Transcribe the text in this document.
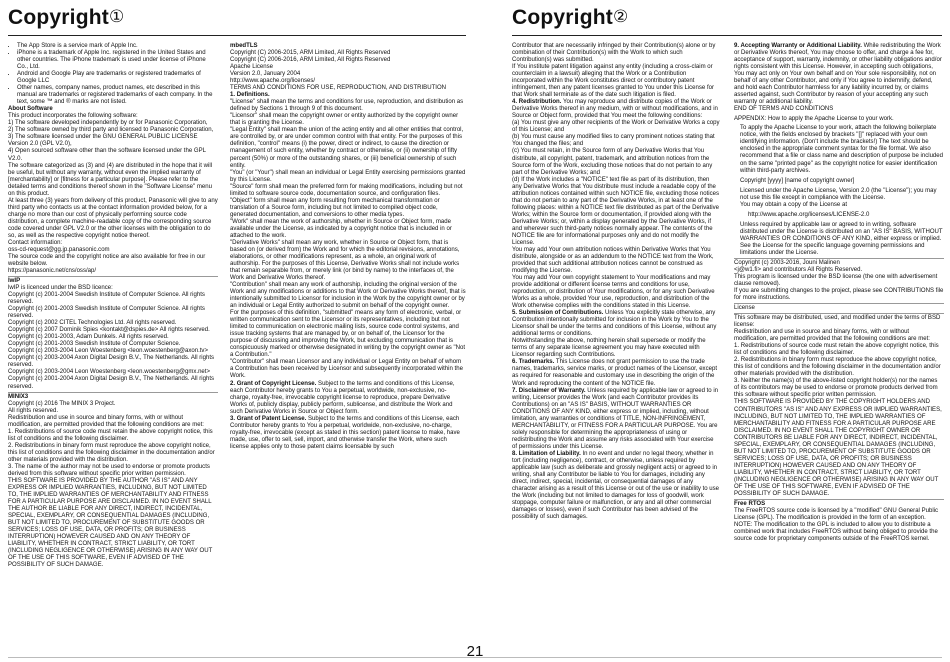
Copyright①
• The App Store is a service mark of Apple Inc.
• iPhone is a trademark of Apple Inc. registered in the United States and other countries. The iPhone trademark is used under license of iPhone Co., Ltd.
• Android and Google Play are trademarks or registered trademarks of Google LLC
• Other names, company names, product names, etc described in this manual are trademarks or registered trademarks of each company. In the text, some ™ and ® marks are not listed.

About Software

This product incorporates the following software:
1) The software developed independently by or for Panasonic Corporation,
2) The software owned by third party and licensed to Panasonic Corporation,
3) The software licensed under the GNU GENERAL PUBLIC LICENSE Version 2.0 (GPL V2.0),
4) Open sourced software other than the software licensed under the GPL V2.0.
The software categorized as (3) and (4) are distributed in the hope that it will be useful, but without any warranty, without even the implied warranty of [merchantability] or [fitness for a particular purpose]. Please refer to the detailed terms and conditions thereof shown in the "Software License" menu on this product.
At least three (3) years from delivery of this product, Panasonic will give to any third party who contacts us at the contact information provided below, for a charge no more than our cost of physically performing source code distribution, a complete machine-readable copy of the corresponding source code covered under GPL V2.0 or the other licenses with the obligation to do so, as well as the respective copyright notice thereof.
Contact information:
oss-cd-request@gg.jp.panasonic.com
The source code and the copyright notice are also available for free in our website below.
https://panasonic.net/cns/oss/ap/

lwIP

lwIP is licenced under the BSD licence:
Copyright (c) 2001-2004 Swedish Institute of Computer Science. All rights reserved.
Copyright (c) 2001-2003 Swedish Institute of Computer Science. All rights reserved.
Copyright (c) 2002 CITEL Technologies Ltd. All rights reserved.
Copyright (c) 2007 Dominik Spies <kontakt@dspies.de> All rights reserved.
Copyright (c) 2001-2003, Adam Dunkels. All rights reserved.
Copyright (c) 2001-2003 Swedish Institute of Computer Science.
Copyright (c) 2003-2004 Leon Woestenberg <leon.woestenberg@axon.tv>
Copyright (c) 2003-2004 Axon Digital Design B.V., The Netherlands. All rights reserved.
Copyright (c) 2003-2004 Leon Woestenberg <leon.woestenberg@gmx.net>
Copyright (c) 2001-2004 Axon Digital Design B.V., The Netherlands. All rights reserved.

MINIX3

Copyright (c) 2016 The MINIX 3 Project.
All rights reserved.
Redistribution and use in source and binary forms, with or without modification, are permitted provided that the following conditions are met:
1. Redistributions of source code must retain the above copyright notice, this list of conditions and the following disclaimer.
2. Redistributions in binary form must reproduce the above copyright notice, this list of conditions and the following disclaimer in the documentation and/or other materials provided with the distribution.
3. The name of the author may not be used to endorse or promote products derived from this software without specific prior written permission.
THIS SOFTWARE IS PROVIDED BY THE AUTHOR "AS IS" AND ANY EXPRESS OR IMPLIED WARRANTIES, INCLUDING, BUT NOT LIMITED TO, THE IMPLIED WARRANTIES OF MERCHANTABILITY AND FITNESS FOR A PARTICULAR PURPOSE ARE DISCLAIMED. IN NO EVENT SHALL THE AUTHOR BE LIABLE FOR ANY DIRECT, INDIRECT, INCIDENTAL, SPECIAL, EXEMPLARY, OR CONSEQUENTIAL DAMAGES (INCLUDING, BUT NOT LIMITED TO, PROCUREMENT OF SUBSTITUTE GOODS OR SERVICES; LOSS OF USE, DATA, OR PROFITS; OR BUSINESS INTERRUPTION) HOWEVER CAUSED AND ON ANY THEORY OF LIABILITY, WHETHER IN CONTRACT, STRICT LIABILITY, OR TORT (INCLUDING NEGLIGENCE OR OTHERWISE) ARISING IN ANY WAY OUT OF THE USE OF THIS SOFTWARE, EVEN IF ADVISED OF THE POSSIBILITY OF SUCH DAMAGE.

mbedTLS

Copyright (C) 2006-2015, ARM Limited, All Rights Reserved
Copyright (C) 2006-2016, ARM Limited, All Rights Reserved
Apache License
Version 2.0, January 2004
http://www.apache.org/licenses/
TERMS AND CONDITIONS FOR USE, REPRODUCTION, AND DISTRIBUTION

1. Definitions.

"License" shall mean the terms and conditions for use, reproduction, and distribution as defined by Sections 1 through 9 of this document.
"Licensor" shall mean the copyright owner or entity authorized by the copyright owner that is granting the License.
"Legal Entity" shall mean the union of the acting entity and all other entities that control, are controlled by, or are under common control with that entity. For the purposes of this definition, "control" means (i) the power, direct or indirect, to cause the direction or management of such entity, whether by contract or otherwise, or (ii) ownership of fifty percent (50%) or more of the outstanding shares, or (iii) beneficial ownership of such entity.
"You" (or "Your") shall mean an individual or Legal Entity exercising permissions granted by this License.
"Source" form shall mean the preferred form for making modifications, including but not limited to software source code, documentation source, and configuration files.
"Object" form shall mean any form resulting from mechanical transformation or translation of a Source form, including but not limited to compiled object code, generated documentation, and conversions to other media types.
"Work" shall mean the work of authorship, whether in Source or Object form, made available under the License, as indicated by a copyright notice that is included in or attached to the work.
"Derivative Works" shall mean any work, whether in Source or Object form, that is based on (or derived from) the Work and for which the editorial revisions, annotations, elaborations, or other modifications represent, as a whole, an original work of authorship. For the purposes of this License, Derivative Works shall not include works that remain separable from, or merely link (or bind by name) to the interfaces of, the Work and Derivative Works thereof.
"Contribution" shall mean any work of authorship, including the original version of the Work and any modifications or additions to that Work or Derivative Works thereof, that is intentionally submitted to Licensor for inclusion in the Work by the copyright owner or by an individual or Legal Entity authorized to submit on behalf of the copyright owner.
For the purposes of this definition, "submitted" means any form of electronic, verbal, or written communication sent to the Licensor or its representatives, including but not limited to communication on electronic mailing lists, source code control systems, and issue tracking systems that are managed by, or on behalf of, the Licensor for the purpose of discussing and improving the Work, but excluding communication that is conspicuously marked or otherwise designated in writing by the copyright owner as "Not a Contribution."
"Contributor" shall mean Licensor and any individual or Legal Entity on behalf of whom a Contribution has been received by Licensor and subsequently incorporated within the Work.

2. Grant of Copyright License. Subject to the terms and conditions of this License, each Contributor hereby grants to You a perpetual, worldwide, non-exclusive, no-charge, royalty-free, irrevocable copyright license to reproduce, prepare Derivative Works of, publicly display, publicly perform, sublicense, and distribute the Work and such Derivative Works in Source or Object form.

3. Grant of Patent License. Subject to the terms and conditions of this License, each Contributor hereby grants to You a perpetual, worldwide, non-exclusive, no-charge, royalty-free, irrevocable (except as stated in this section) patent license to make, have made, use, offer to sell, sell, import, and otherwise transfer the Work, where such license applies only to those patent claims licensable by such

Copyright②

Contributor that are necessarily infringed by their Contribution(s) alone or by combination of their Contribution(s) with the Work to which such Contribution(s) was submitted.
If You institute patent litigation against any entity (including a cross-claim or counterclaim in a lawsuit) alleging that the Work or a Contribution incorporated within the Work constitutes direct or contributory patent infringement, then any patent licenses granted to You under this License for that Work shall terminate as of the date such litigation is filed.

4. Redistribution. You may reproduce and distribute copies of the Work or Derivative Works thereof in any medium, with or without modifications, and in Source or Object form, provided that You meet the following conditions:
(a) You must give any other recipients of the Work or Derivative Works a copy of this License; and
(b) You must cause any modified files to carry prominent notices stating that You changed the files; and
(c) You must retain, in the Source form of any Derivative Works that You distribute, all copyright, patent, trademark, and attribution notices from the Source form of the Work, excluding those notices that do not pertain to any part of the Derivative Works; and
(d) If the Work includes a "NOTICE" text file as part of its distribution, then any Derivative Works that You distribute must include a readable copy of the attribution notices contained within such NOTICE file, excluding those notices that do not pertain to any part of the Derivative Works, in at least one of the following places: within a NOTICE text file distributed as part of the Derivative Works; within the Source form or documentation, if provided along with the Derivative Works; or, within a display generated by the Derivative Works, if and wherever such third-party notices normally appear. The contents of the NOTICE file are for informational purposes only and do not modify the License.
You may add Your own attribution notices within Derivative Works that You distribute, alongside or as an addendum to the NOTICE text from the Work, provided that such additional attribution notices cannot be construed as modifying the License.
You may add Your own copyright statement to Your modifications and may provide additional or different license terms and conditions for use, reproduction, or distribution of Your modifications, or for any such Derivative Works as a whole, provided Your use, reproduction, and distribution of the Work otherwise complies with the conditions stated in this License.

5. Submission of Contributions. Unless You explicitly state otherwise, any Contribution intentionally submitted for inclusion in the Work by You to the Licensor shall be under the terms and conditions of this License, without any additional terms or conditions.
Notwithstanding the above, nothing herein shall supersede or modify the terms of any separate license agreement you may have executed with Licensor regarding such Contributions.

6. Trademarks. This License does not grant permission to use the trade names, trademarks, service marks, or product names of the Licensor, except as required for reasonable and customary use in describing the origin of the Work and reproducing the content of the NOTICE file.

7. Disclaimer of Warranty. Unless required by applicable law or agreed to in writing, Licensor provides the Work (and each Contributor provides its Contributions) on an "AS IS" BASIS, WITHOUT WARRANTIES OR CONDITIONS OF ANY KIND, either express or implied, including, without limitation, any warranties or conditions of TITLE, NON-INFRINGEMENT, MERCHANTABILITY, or FITNESS FOR A PARTICULAR PURPOSE. You are solely responsible for determining the appropriateness of using or redistributing the Work and assume any risks associated with Your exercise of permissions under this License.

8. Limitation of Liability. In no event and under no legal theory, whether in tort (including negligence), contract, or otherwise, unless required by applicable law (such as deliberate and grossly negligent acts) or agreed to in writing, shall any Contributor be liable to You for damages, including any direct, indirect, special, incidental, or consequential damages of any character arising as a result of this License or out of the use or inability to use the Work (including but not limited to damages for loss of goodwill, work stoppage, computer failure or malfunction, or any and all other commercial damages or losses), even if such Contributor has been advised of the possibility of such damages.

9. Accepting Warranty or Additional Liability. While redistributing the Work or Derivative Works thereof, You may choose to offer, and charge a fee for, acceptance of support, warranty, indemnity, or other liability obligations and/or rights consistent with this License. However, in accepting such obligations, You may act only on Your own behalf and on Your sole responsibility, not on behalf of any other Contributor, and only if You agree to indemnify, defend, and hold each Contributor harmless for any liability incurred by, or claims asserted against, such Contributor by reason of your accepting any such warranty or additional liability.
END OF TERMS AND CONDITIONS

APPENDIX: How to apply the Apache License to your work.

To apply the Apache License to your work, attach the following boilerplate notice, with the fields enclosed by brackets "[]" replaced with your own identifying information. (Don't include the brackets!) The text should be enclosed in the appropriate comment syntax for the file format. We also recommend that a file or class name and description of purpose be included on the same "printed page" as the copyright notice for easier identification within third-party archives.

Copyright [yyyy] [name of copyright owner]

Licensed under the Apache License, Version 2.0 (the "License"); you may not use this file except in compliance with the License.
You may obtain a copy of the License at

http://www.apache.org/licenses/LICENSE-2.0

Unless required by applicable law or agreed to in writing, software distributed under the License is distributed on an "AS IS" BASIS, WITHOUT WARRANTIES OR CONDITIONS OF ANY KIND, either express or implied. See the License for the specific language governing permissions and limitations under the License.

Copyright (c) 2003-2016, Jouni Malinen
<j@w1.fi> and contributors All Rights Reserved.
This program is licensed under the BSD license (the one with advertisement clause removed).
If you are submitting changes to the project, please see CONTRIBUTIONS file for more instructions.

License

This software may be distributed, used, and modified under the terms of BSD license:
Redistribution and use in source and binary forms, with or without modification, are permitted provided that the following conditions are met:
1. Redistributions of source code must retain the above copyright notice, this list of conditions and the following disclaimer.
2. Redistributions in binary form must reproduce the above copyright notice, this list of conditions and the following disclaimer in the documentation and/or other materials provided with the distribution.
3. Neither the name(s) of the above-listed copyright holder(s) nor the names of its contributors may be used to endorse or promote products derived from this software without specific prior written permission.
THIS SOFTWARE IS PROVIDED BY THE COPYRIGHT HOLDERS AND CONTRIBUTORS "AS IS" AND ANY EXPRESS OR IMPLIED WARRANTIES, INCLUDING, BUT NOT LIMITED TO, THE IMPLIED WARRANTIES OF MERCHANTABILITY AND FITNESS FOR A PARTICULAR PURPOSE ARE DISCLAIMED. IN NO EVENT SHALL THE COPYRIGHT OWNER OR CONTRIBUTORS BE LIABLE FOR ANY DIRECT, INDIRECT, INCIDENTAL, SPECIAL, EXEMPLARY, OR CONSEQUENTIAL DAMAGES (INCLUDING, BUT NOT LIMITED TO, PROCUREMENT OF SUBSTITUTE GOODS OR SERVICES; LOSS OF USE, DATA, OR PROFITS; OR BUSINESS INTERRUPTION) HOWEVER CAUSED AND ON ANY THEORY OF LIABILITY, WHETHER IN CONTRACT, STRICT LIABILITY, OR TORT (INCLUDING NEGLIGENCE OR OTHERWISE) ARISING IN ANY WAY OUT OF THE USE OF THIS SOFTWARE, EVEN IF ADVISED OF THE POSSIBILITY OF SUCH DAMAGE.

Free RTOS

The FreeRTOS source code is licensed by a "modified" GNU General Public License (GPL). The modification is provided in the form of an exception.
NOTE: The modification to the GPL is included to allow you to distribute a combined work that includes FreeRTOS without being obliged to provide the source code for proprietary components outside of the FreeRTOS kernel.

21
